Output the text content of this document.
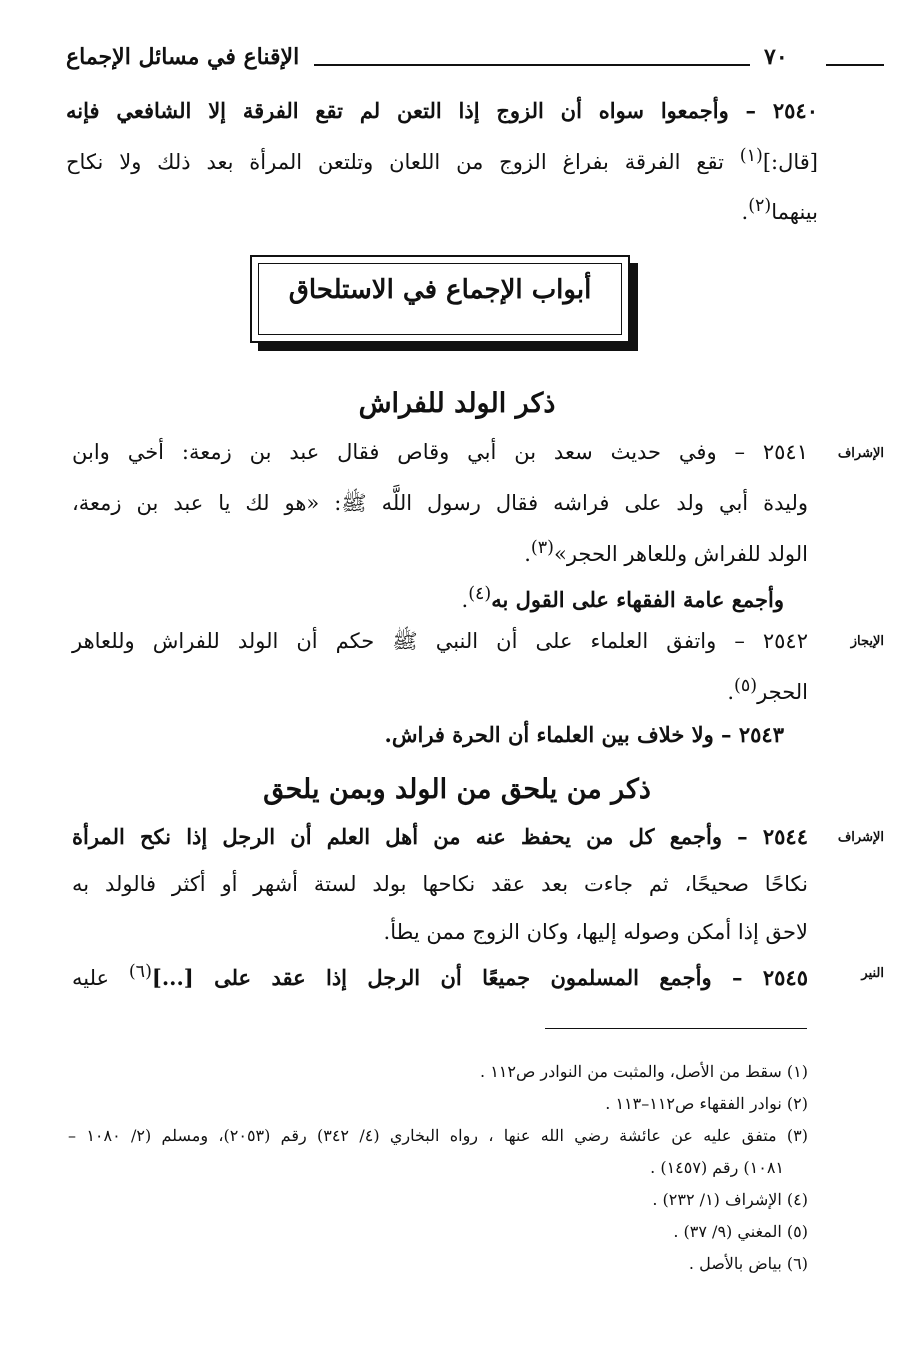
الإقناع في مسائل الإجماع	٧٠
٢٥٤٠ – وأجمعوا سواه أن الزوج إذا التعن لم تقع الفرقة إلا الشافعي فإنه
[قال:]$^{(١)}$ تقع الفرقة بفراغ الزوج من اللعان وتلتعن المرأة بعد ذلك ولا نكاح
بينهما$^{(٢)}$.
أبواب الإجماع في الاستلحاق
ذكر الولد للفراش
الإشراف
٢٥٤١ – وفي حديث سعد بن أبي وقاص فقال عبد بن زمعة: أخي وابن
وليدة أبي ولد على فراشه فقال رسول اللَّه ﷺ: «هو لك يا عبد بن زمعة،
الولد للفراش وللعاهر الحجر»$^{(٣)}$.
وأجمع عامة الفقهاء على القول به$^{(٤)}$.
الإيجاز
٢٥٤٢ – واتفق العلماء على أن النبي ﷺ حكم أن الولد للفراش وللعاهر
الحجر$^{(٥)}$.
٢٥٤٣ – ولا خلاف بين العلماء أن الحرة فراش.
ذكر من يلحق من الولد وبمن يلحق
الإشراف
٢٥٤٤ – وأجمع كل من يحفظ عنه من أهل العلم أن الرجل إذا نكح المرأة
نكاحًا صحيحًا، ثم جاءت بعد عقد نكاحها بولد لستة أشهر أو أكثر فالولد به
لاحق إذا أمكن وصوله إليها، وكان الزوج ممن يطأ.
النير
٢٥٤٥ – وأجمع المسلمون جميعًا أن الرجل إذا عقد على [...]$^{(٦)}$ عليه
(١) سقط من الأصل، والمثبت من النوادر ص١١٢ .
(٢) نوادر الفقهاء ص١١٢–١١٣ .
(٣) متفق عليه عن عائشة رضي الله عنها ، رواه البخاري (٤/ ٣٤٢) رقم (٢٠٥٣)، ومسلم (٢/ ١٠٨٠ –
١٠٨١) رقم (١٤٥٧) .
(٤) الإشراف (١/ ٢٣٢) .
(٥) المغني (٩/ ٣٧) .
(٦) بياض بالأصل .
